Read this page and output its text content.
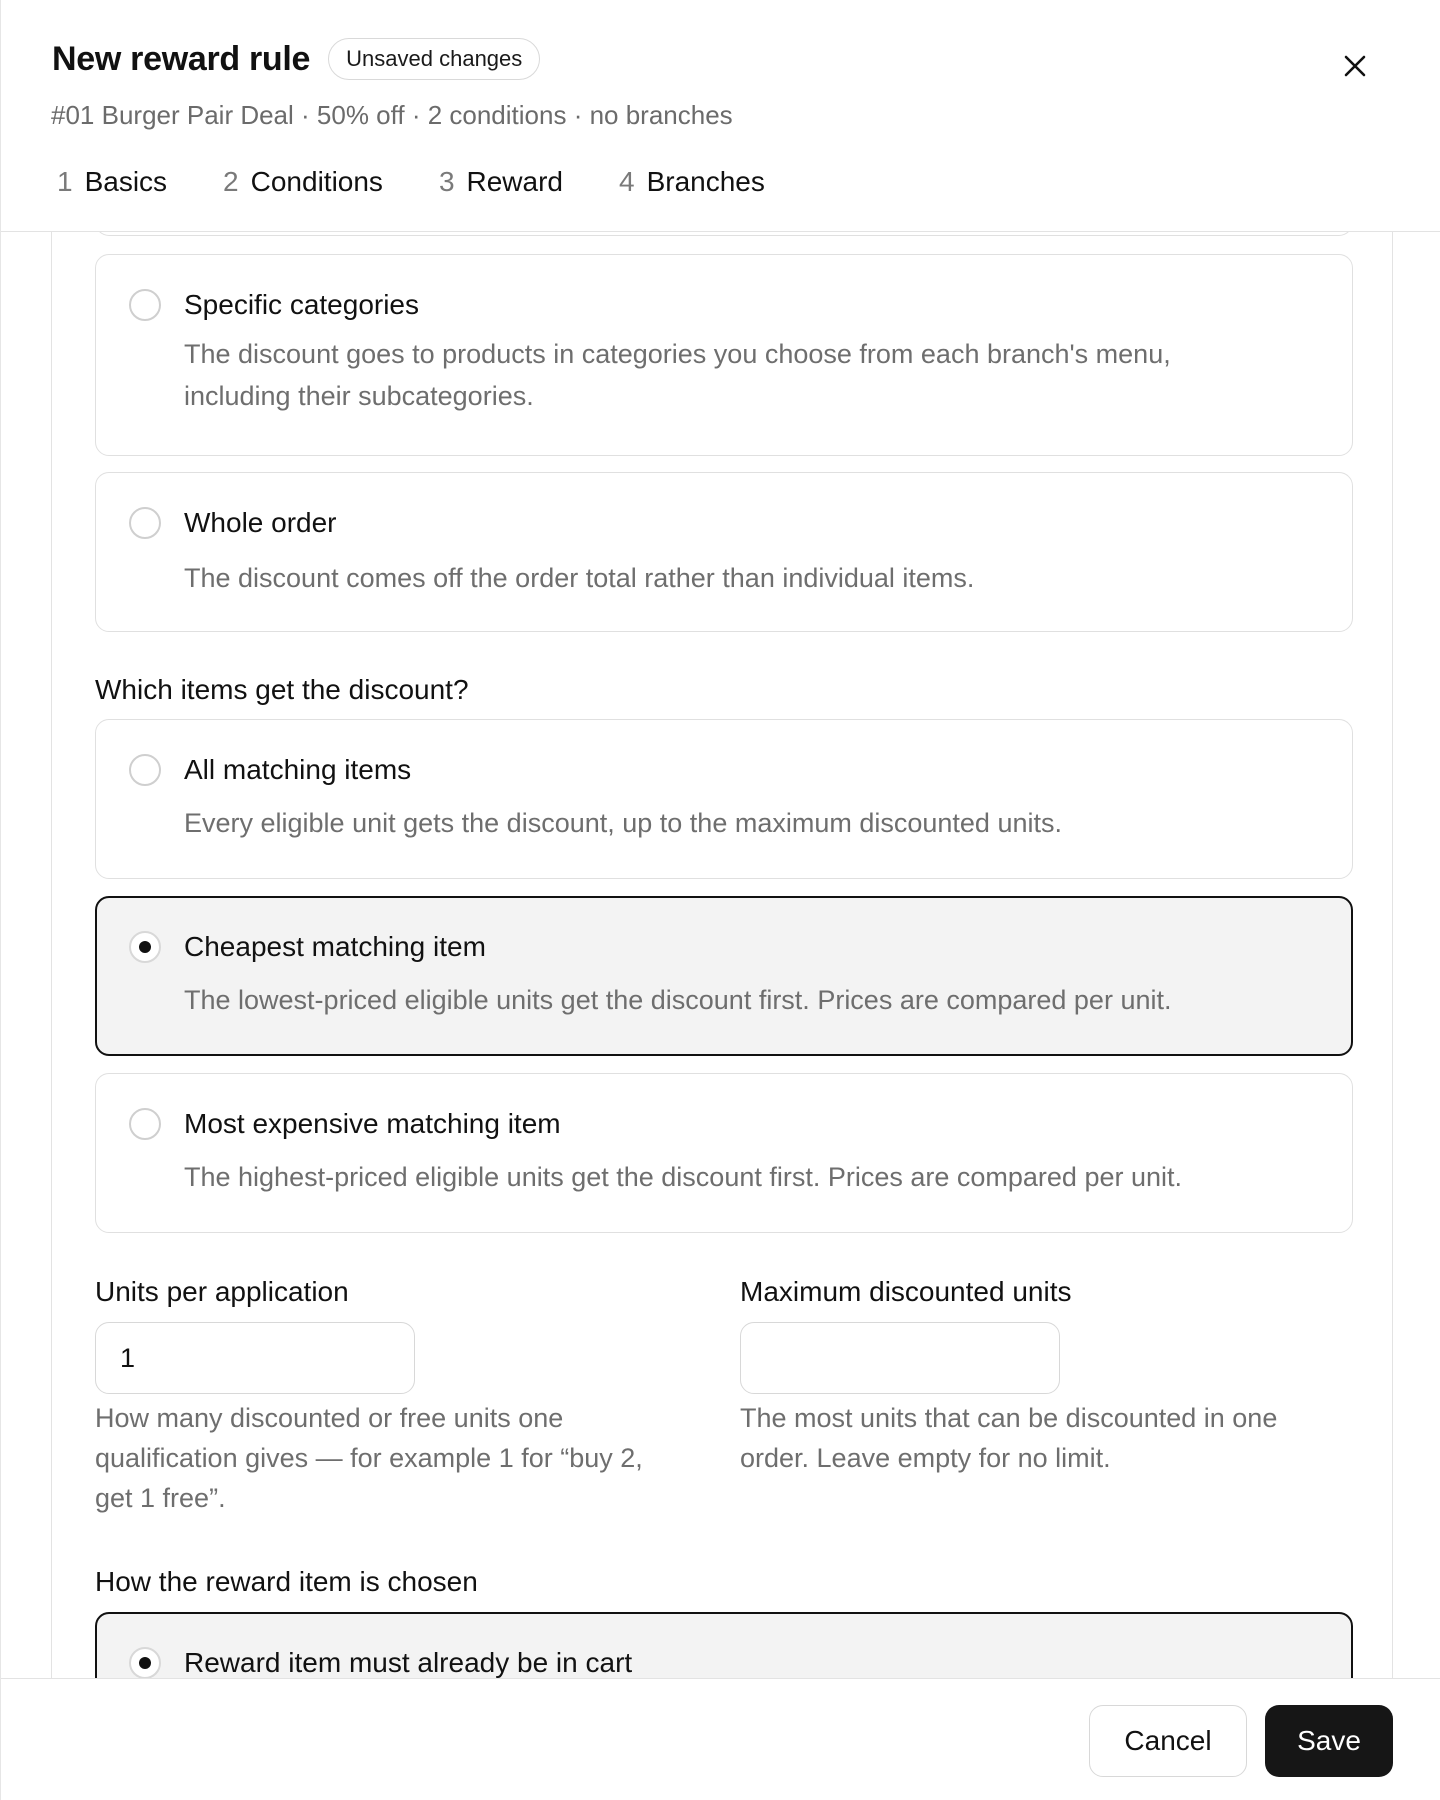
New reward rule	Unsaved changes
#01 Burger Pair Deal · 50% off · 2 conditions · no branches
1 Basics 2 Conditions 3 Reward 4 Branches
Specific categories
The discount goes to products in categories you choose from each branch's menu, including their subcategories.
Whole order
The discount comes off the order total rather than individual items.
Which items get the discount?
All matching items
Every eligible unit gets the discount, up to the maximum discounted units.
Cheapest matching item
The lowest-priced eligible units get the discount first. Prices are compared per unit.
Most expensive matching item
The highest-priced eligible units get the discount first. Prices are compared per unit.
Units per application
1
How many discounted or free units one qualification gives — for example 1 for “buy 2, get 1 free”.
Maximum discounted units
The most units that can be discounted in one order. Leave empty for no limit.
How the reward item is chosen
Reward item must already be in cart
Cancel	Save
